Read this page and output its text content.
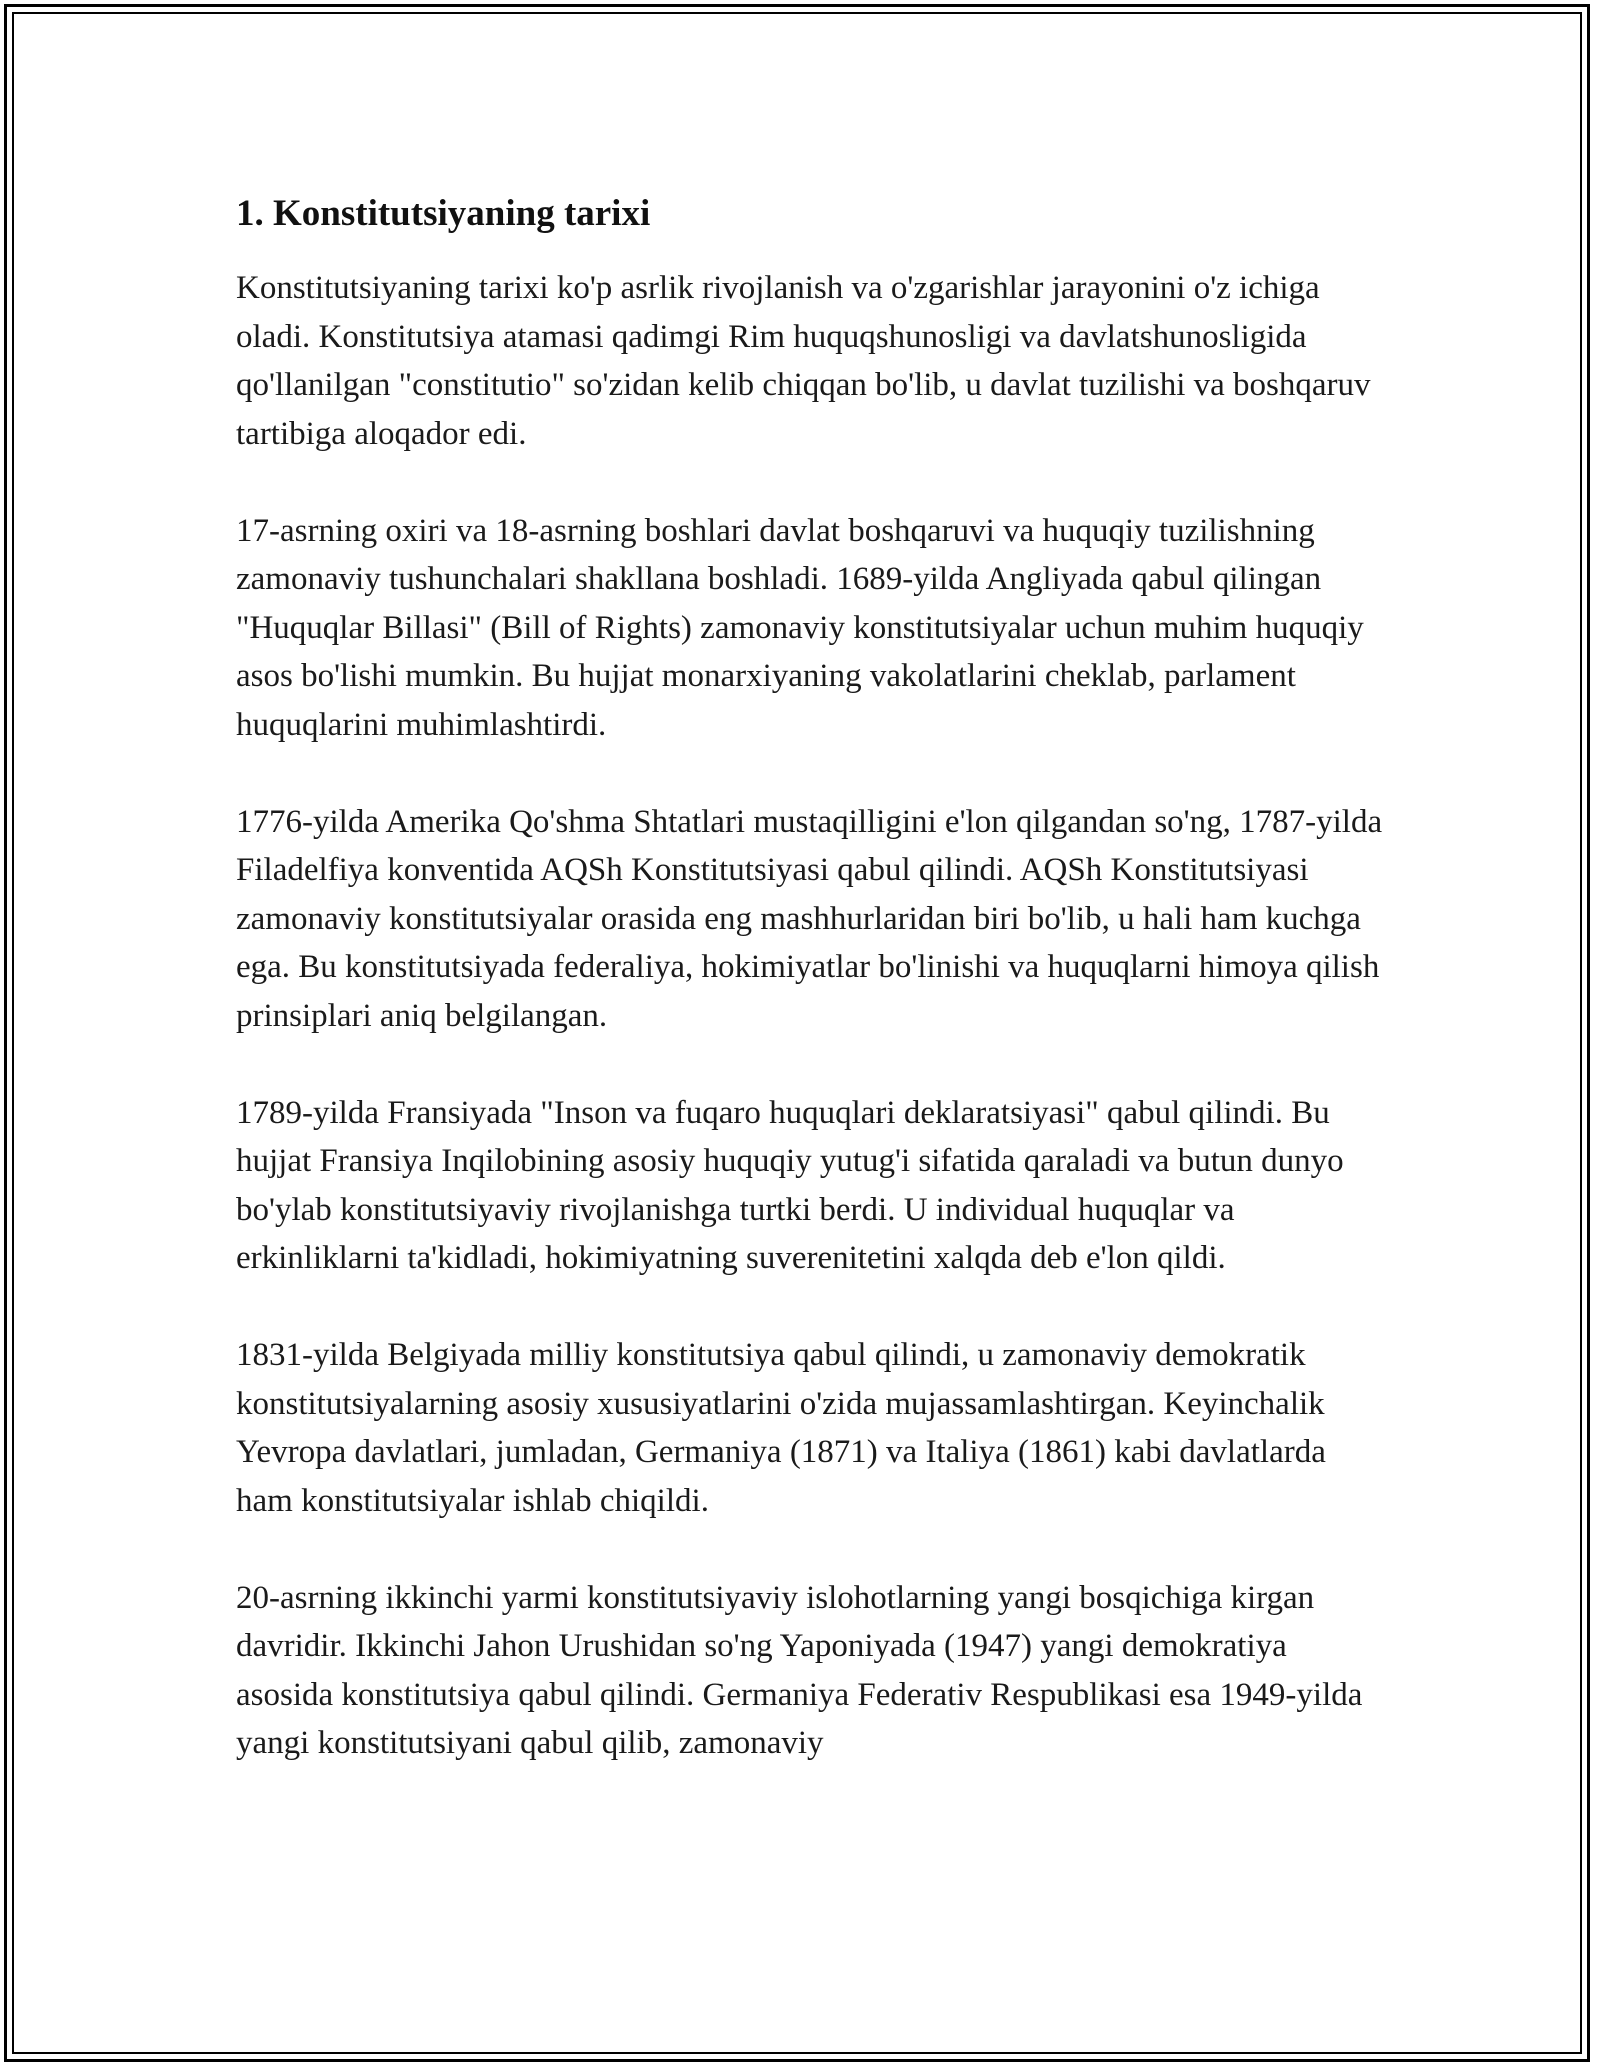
1. Konstitutsiyaning tarixi

Konstitutsiyaning tarixi ko'p asrlik rivojlanish va o'zgarishlar jarayonini o'z ichiga oladi. Konstitutsiya atamasi qadimgi Rim huquqshunosligi va davlatshunosligida qo'llanilgan "constitutio" so'zidan kelib chiqqan bo'lib, u davlat tuzilishi va boshqaruv tartibiga aloqador edi.

17-asrning oxiri va 18-asrning boshlari davlat boshqaruvi va huquqiy tuzilishning zamonaviy tushunchalari shakllana boshladi. 1689-yilda Angliyada qabul qilingan "Huquqlar Billasi" (Bill of Rights) zamonaviy konstitutsiyalar uchun muhim huquqiy asos bo'lishi mumkin. Bu hujjat monarxiyaning vakolatlarini cheklab, parlament huquqlarini muhimlashtirdi.

1776-yilda Amerika Qo'shma Shtatlari mustaqilligini e'lon qilgandan so'ng, 1787-yilda Filadelfiya konventida AQSh Konstitutsiyasi qabul qilindi. AQSh Konstitutsiyasi zamonaviy konstitutsiyalar orasida eng mashhurlaridan biri bo'lib, u hali ham kuchga ega. Bu konstitutsiyada federaliya, hokimiyatlar bo'linishi va huquqlarni himoya qilish prinsiplari aniq belgilangan.

1789-yilda Fransiyada "Inson va fuqaro huquqlari deklaratsiyasi" qabul qilindi. Bu hujjat Fransiya Inqilobining asosiy huquqiy yutug'i sifatida qaraladi va butun dunyo bo'ylab konstitutsiyaviy rivojlanishga turtki berdi. U individual huquqlar va erkinliklarni ta'kidladi, hokimiyatning suverenitetini xalqda deb e'lon qildi.

1831-yilda Belgiyada milliy konstitutsiya qabul qilindi, u zamonaviy demokratik konstitutsiyalarning asosiy xususiyatlarini o'zida mujassamlashtirgan. Keyinchalik Yevropa davlatlari, jumladan, Germaniya (1871) va Italiya (1861) kabi davlatlarda ham konstitutsiyalar ishlab chiqildi.

20-asrning ikkinchi yarmi konstitutsiyaviy islohotlarning yangi bosqichiga kirgan davridir. Ikkinchi Jahon Urushidan so'ng Yaponiyada (1947) yangi demokratiya asosida konstitutsiya qabul qilindi. Germaniya Federativ Respublikasi esa 1949-yilda yangi konstitutsiyani qabul qilib, zamonaviy
